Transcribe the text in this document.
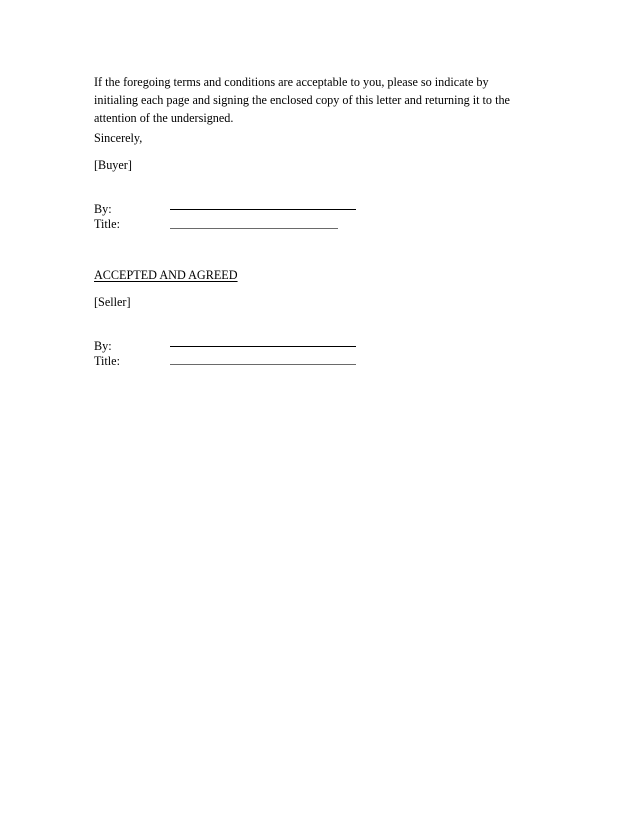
If the foregoing terms and conditions are acceptable to you, please so indicate by
initialing each page and signing the enclosed copy of this letter and returning it to the
attention of the undersigned.

Sincerely,

[Buyer]

By:

Title:

ACCEPTED AND AGREED

[Seller]

By:

Title:
